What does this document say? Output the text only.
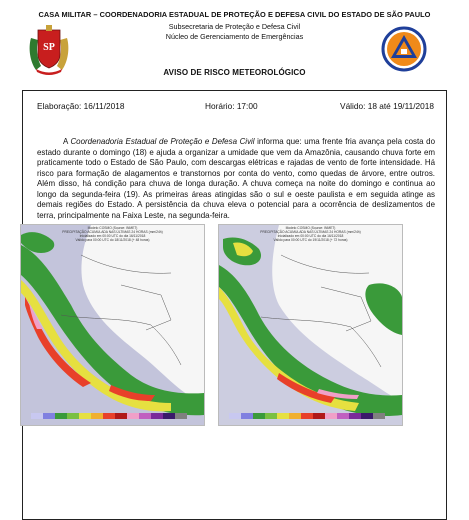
CASA MILITAR – COORDENADORIA ESTADUAL DE PROTEÇÃO E DEFESA CIVIL DO ESTADO DE SÃO PAULO
Subsecretaria de Proteção e Defesa Civil
Núcleo de Gerenciamento de Emergências
SP
AVISO DE RISCO METEOROLÓGICO
Elaboração: 16/11/2018	Horário: 17:00	Válido: 18 até 19/11/2018
A Coordenadoria Estadual de Proteção e Defesa Civil informa que: uma frente fria avança pela costa do estado durante o domingo (18) e ajuda a organizar a umidade que vem da Amazônia, causando chuva forte em praticamente todo o Estado de São Paulo, com descargas elétricas e rajadas de vento de forte intensidade. Há risco para formação de alagamentos e transtornos por conta do vento, como quedas de árvore, entre outros. Além disso, há condição para chuva de longa duração. A chuva começa na noite do domingo e continua ao longo da segunda-feira (19). As primeiras áreas atingidas são o sul e oeste paulista e em seguida atinge as demais regiões do Estado. A persistência da chuva eleva o potencial para a ocorrência de deslizamentos de terra, principalmente na Faixa Leste, na segunda-feira.
Modelo COSMO (Source: INMET)
PRECIPITAÇÃO ACUMULADA NAS ÚLTIMAS 24 HORAS (mm/24h)
Inicializado em 00:00 UTC do dia 16/11/2018
Válido para 00:00 UTC do 18/11/2018 (+ 48 horas)
Modelo COSMO (Source: INMET)
PRECIPITAÇÃO ACUMULADA NAS ÚLTIMAS 24 HORAS (mm/24h)
Inicializado em 00:00 UTC do dia 16/11/2018
Válido para 00:00 UTC do 19/11/2018 (+ 72 horas)
